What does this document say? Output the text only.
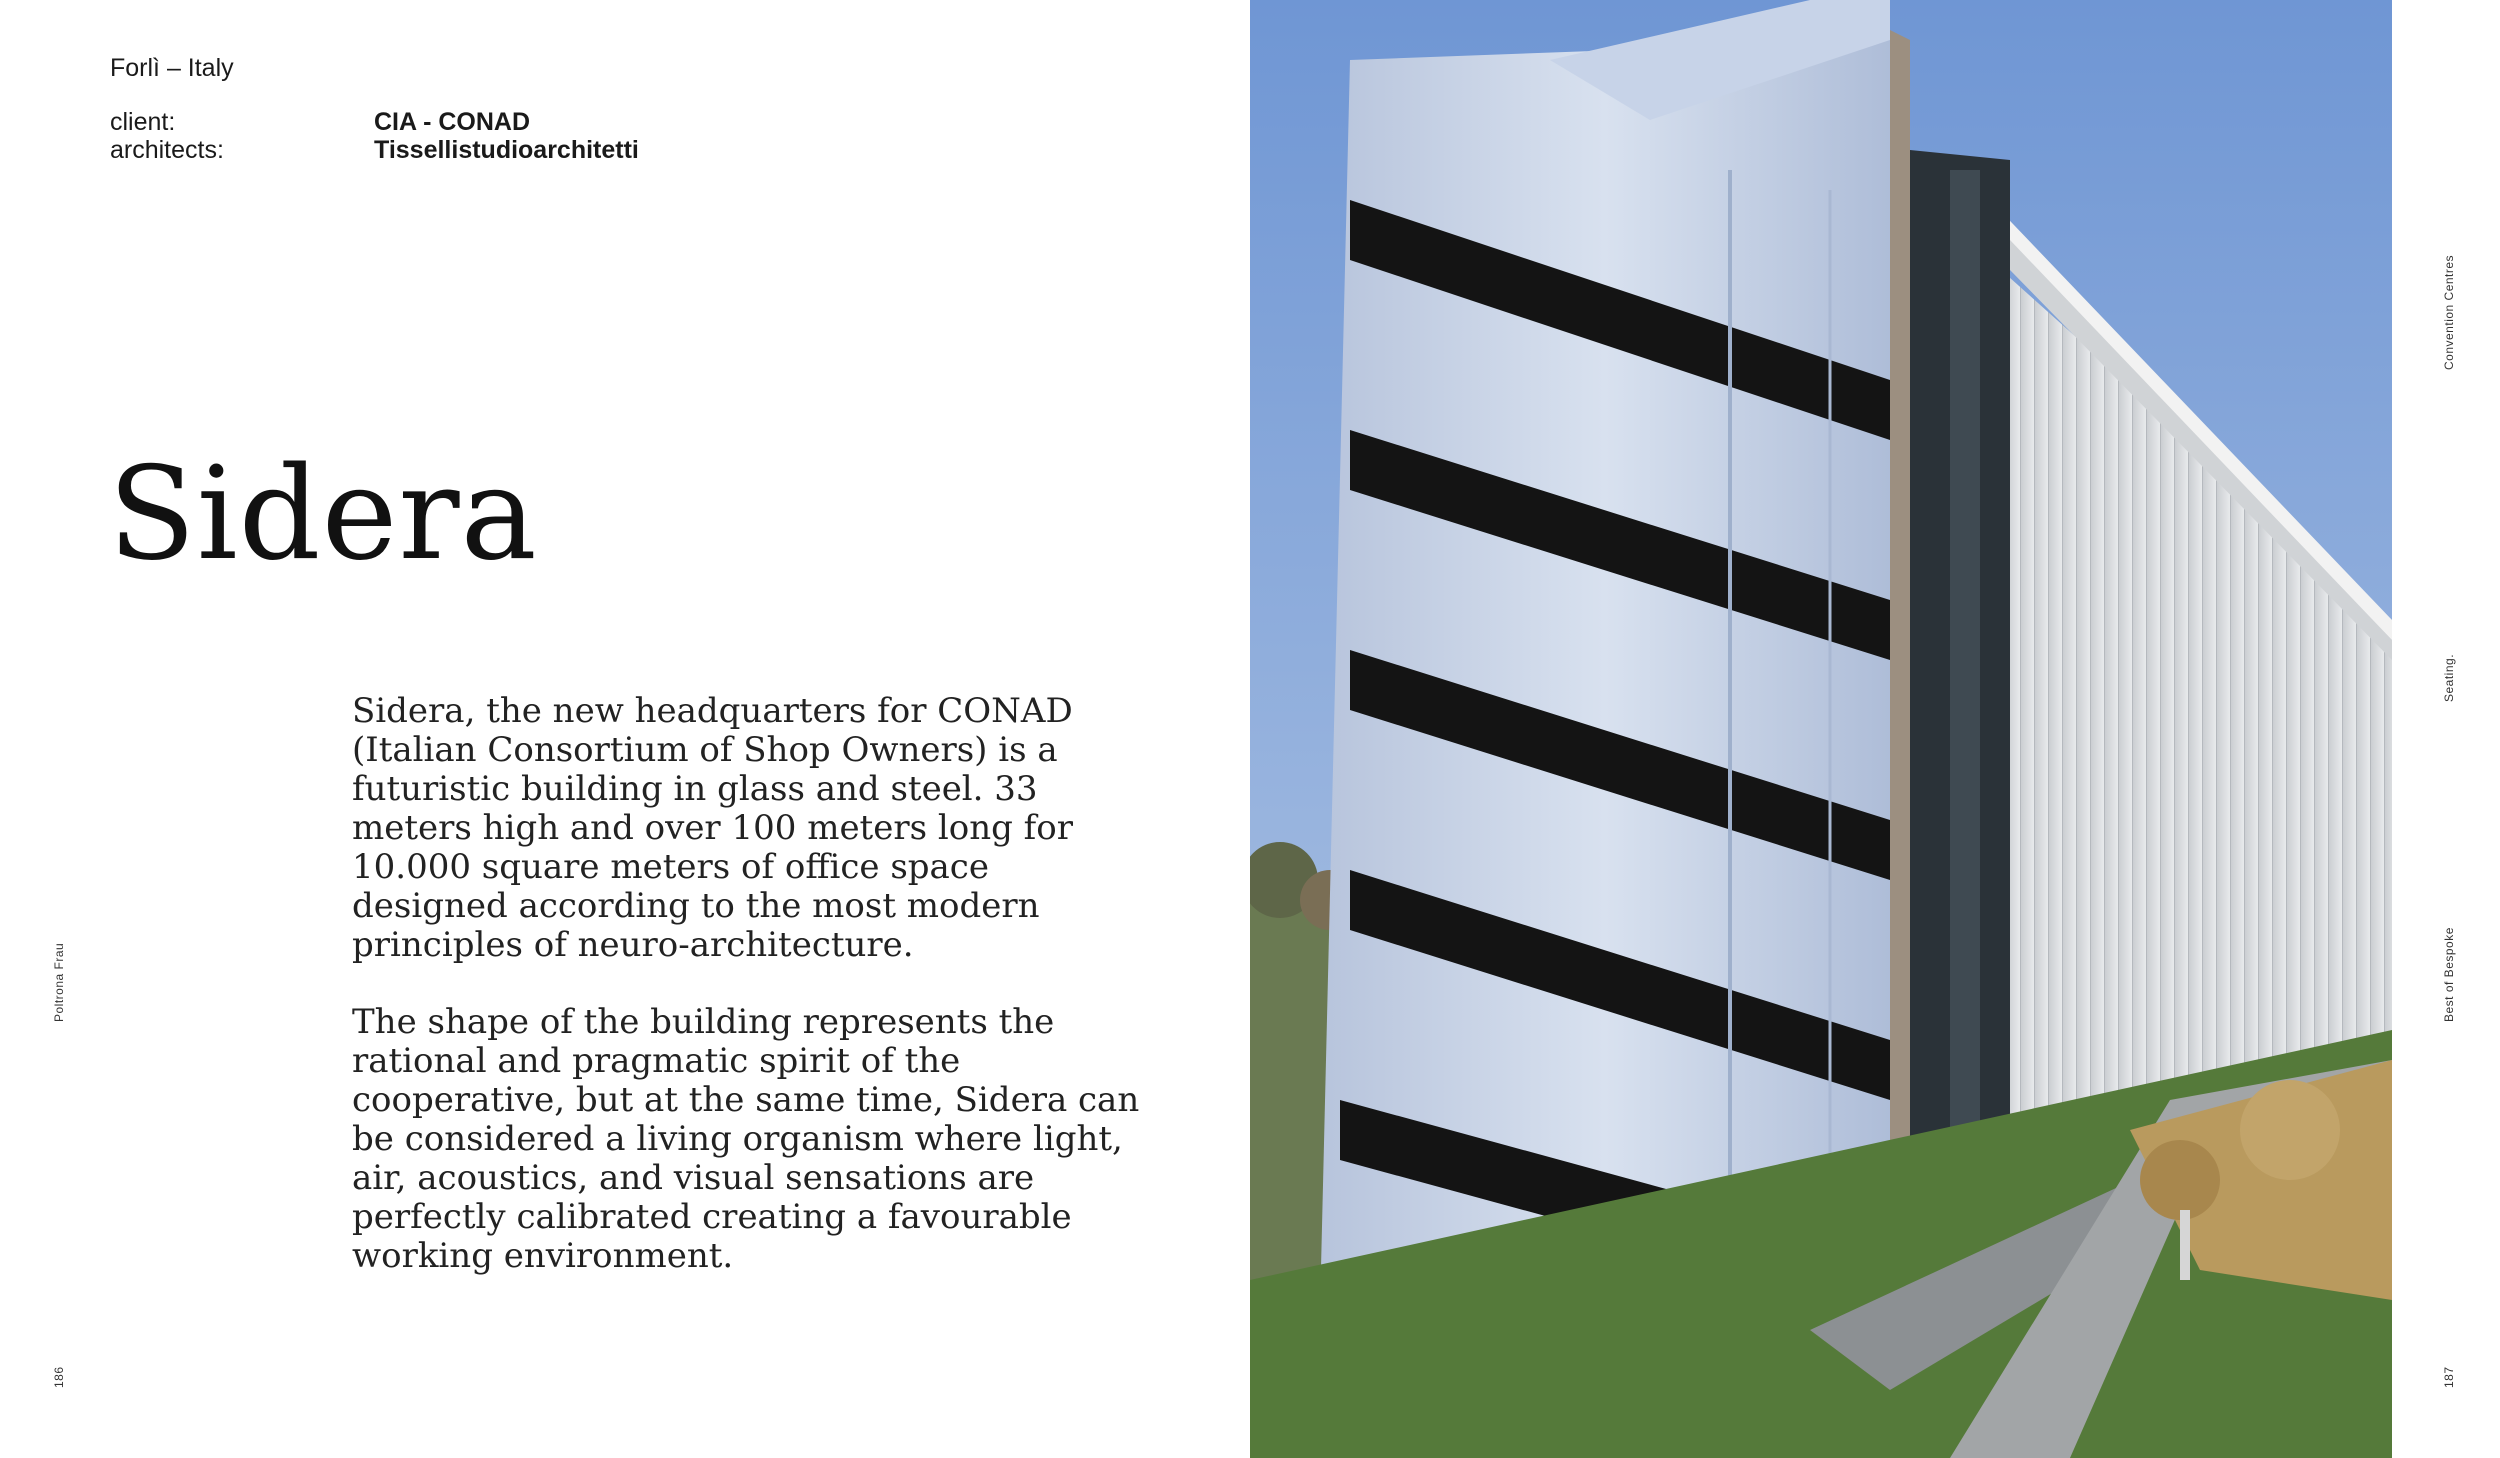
Forlì – Italy
client:	CIA - CONAD
architects:	Tissellistudioarchitetti
Sidera

Sidera, the new headquarters for CONAD (Italian Consortium of Shop Owners) is a futuristic building in glass and steel. 33 meters high and over 100 meters long for 10.000 square meters of office space designed according to the most modern principles of neuro-architecture.

The shape of the building represents the rational and pragmatic spirit of the cooperative, but at the same time, Sidera can be considered a living organism where light, air, acoustics, and visual sensations are perfectly calibrated creating a favourable working environment.

Poltrona Frau
186
Convention Centres
Seating.
Best of Bespoke
187
